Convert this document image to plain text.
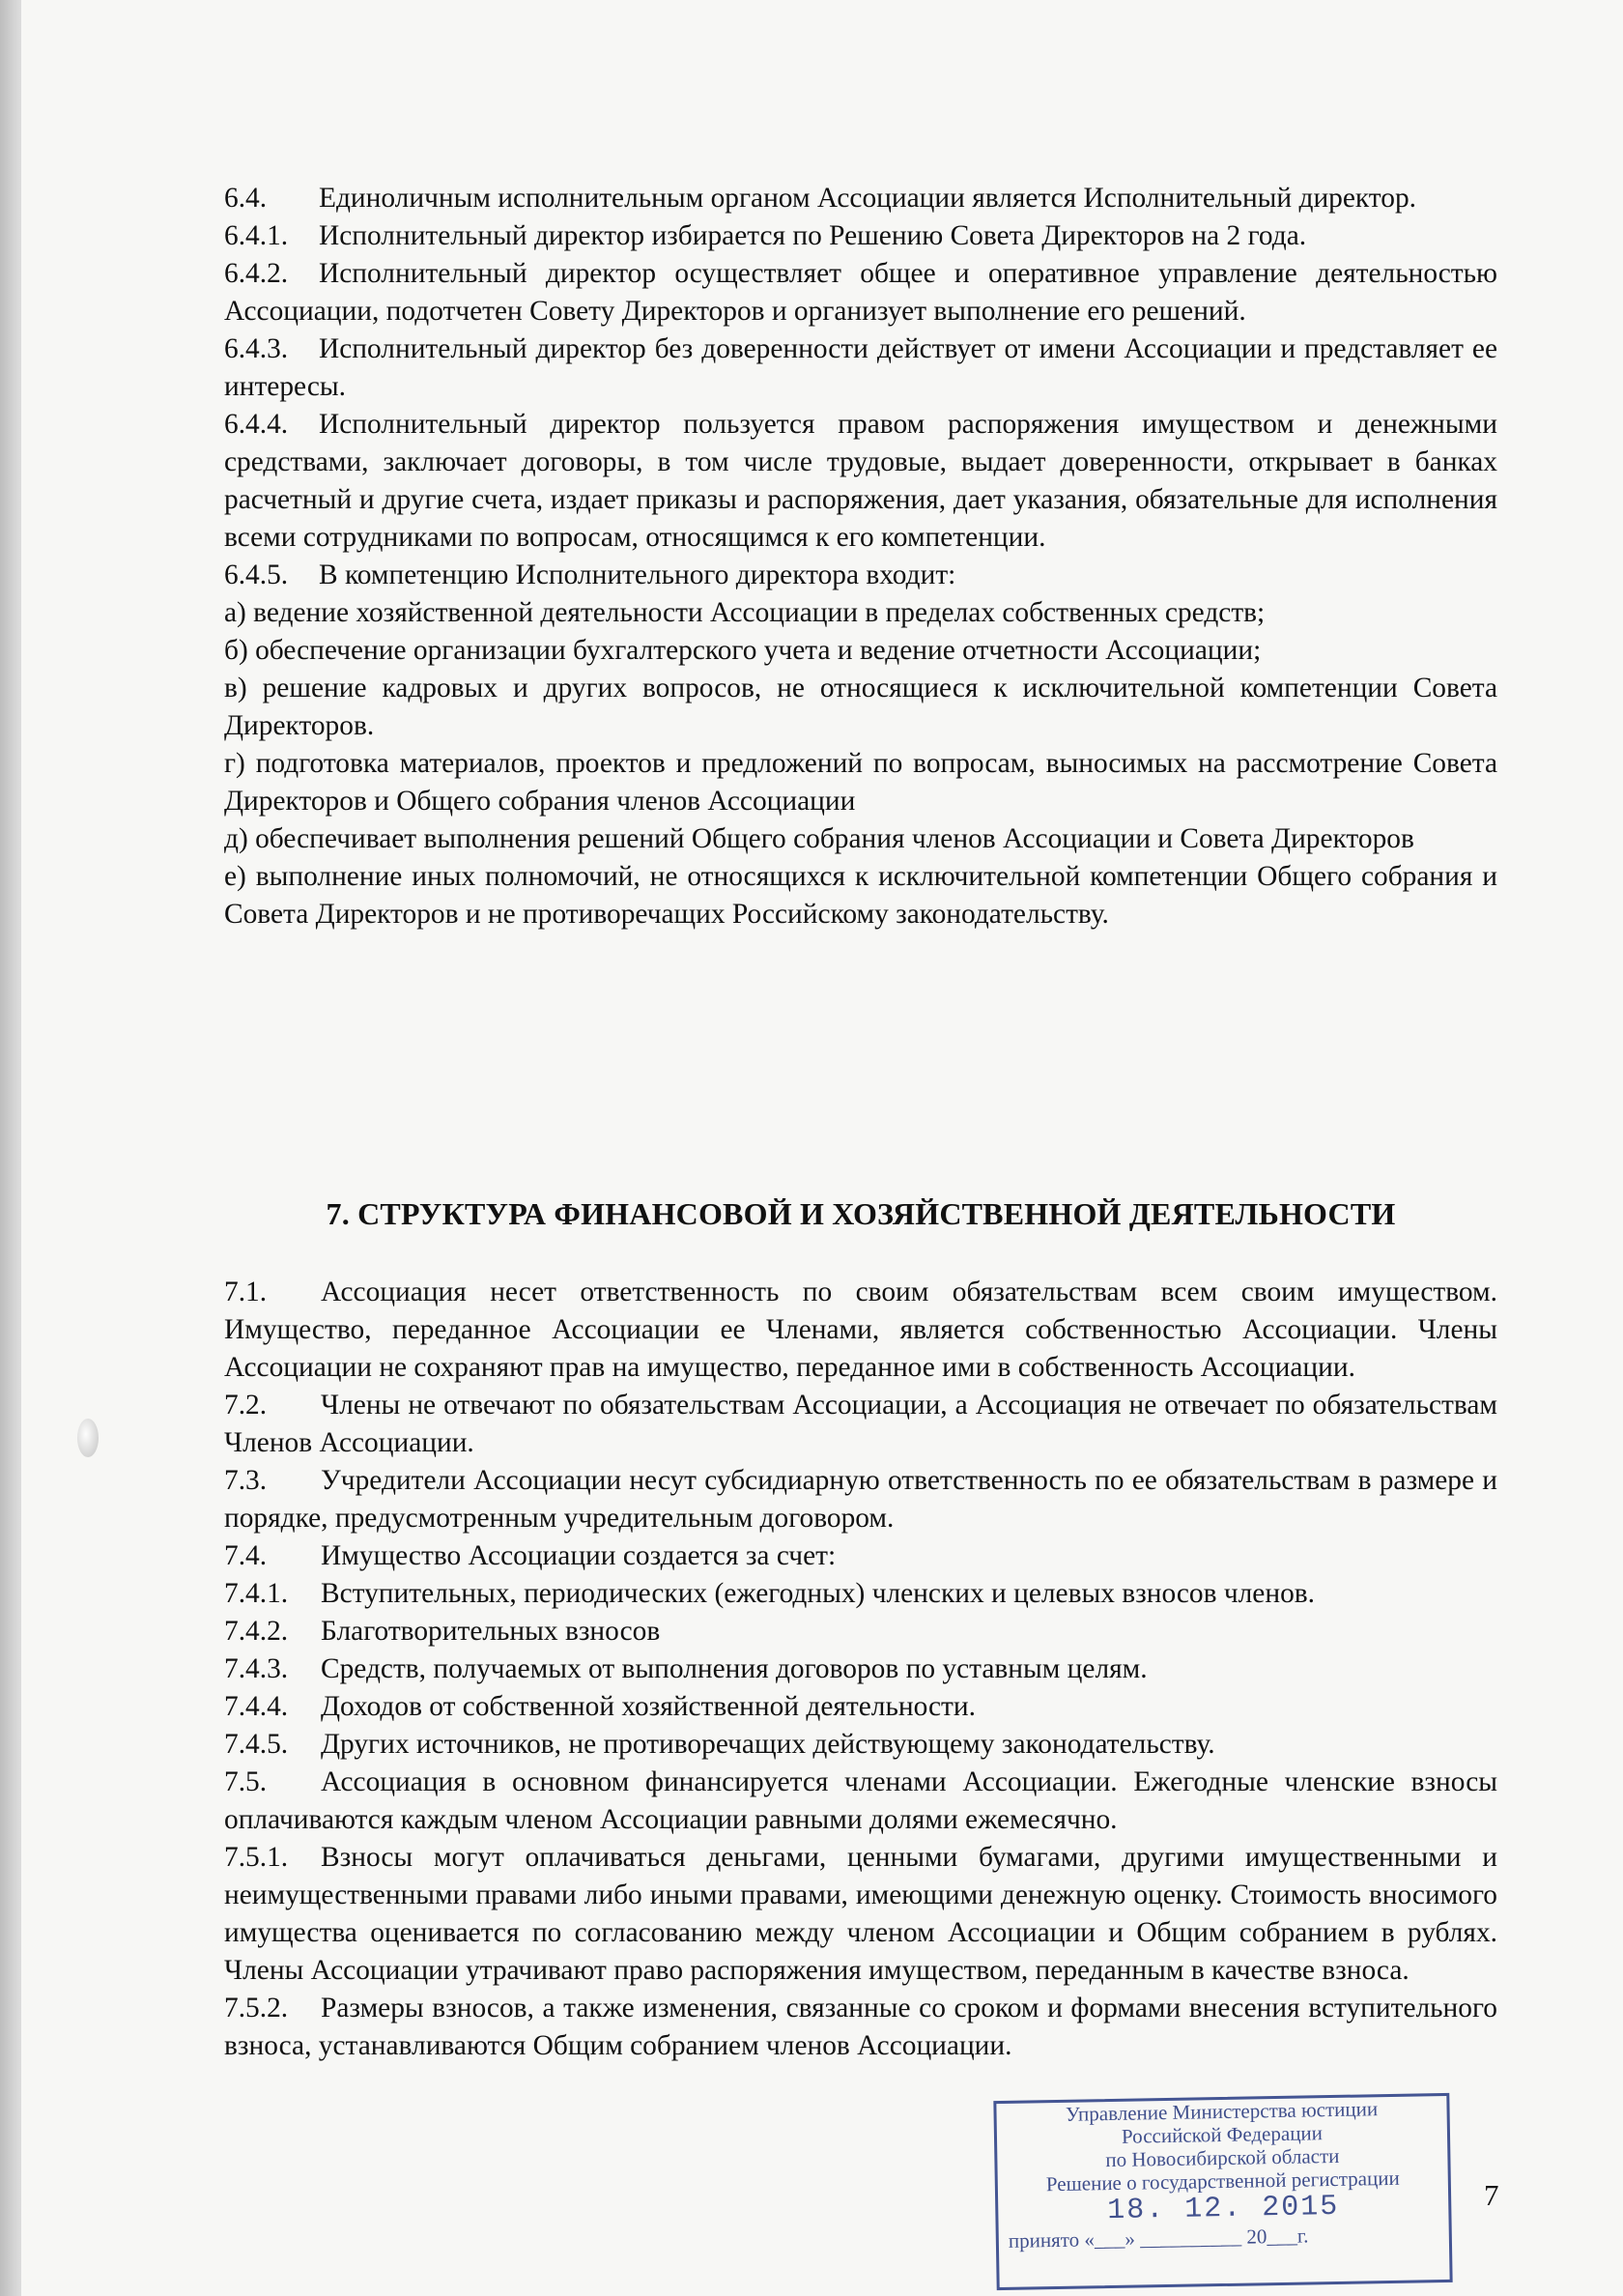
6.4. Единоличным исполнительным органом Ассоциации является Исполнительный директор.

6.4.1. Исполнительный директор избирается по Решению Совета Директоров на 2 года.

6.4.2. Исполнительный директор осуществляет общее и оперативное управление деятельностью Ассоциации, подотчетен Совету Директоров и организует выполнение его решений.

6.4.3. Исполнительный директор без доверенности действует от имени Ассоциации и представляет ее интересы.

6.4.4. Исполнительный директор пользуется правом распоряжения имуществом и денежными средствами, заключает договоры, в том числе трудовые, выдает доверенности, открывает в банках расчетный и другие счета, издает приказы и распоряжения, дает указания, обязательные для исполнения всеми сотрудниками по вопросам, относящимся к его компетенции.

6.4.5. В компетенцию Исполнительного директора входит:

а) ведение хозяйственной деятельности Ассоциации в пределах собственных средств;

б) обеспечение организации бухгалтерского учета и ведение отчетности Ассоциации;

в) решение кадровых и других вопросов, не относящиеся к исключительной компетенции Совета Директоров.

г) подготовка материалов, проектов и предложений по вопросам, выносимых на рассмотрение Совета Директоров и Общего собрания членов Ассоциации

д) обеспечивает выполнения решений Общего собрания членов Ассоциации и Совета Директоров

е) выполнение иных полномочий, не относящихся к исключительной компетенции Общего собрания и Совета Директоров и не противоречащих Российскому законодательству.

7. СТРУКТУРА ФИНАНСОВОЙ И ХОЗЯЙСТВЕННОЙ ДЕЯТЕЛЬНОСТИ

7.1. Ассоциация несет ответственность по своим обязательствам всем своим имуществом. Имущество, переданное Ассоциации ее Членами, является собственностью Ассоциации. Члены Ассоциации не сохраняют прав на имущество, переданное ими в собственность Ассоциации.

7.2. Члены не отвечают по обязательствам Ассоциации, а Ассоциация не отвечает по обязательствам Членов Ассоциации.

7.3. Учредители Ассоциации несут субсидиарную ответственность по ее обязательствам в размере и порядке, предусмотренным учредительным договором.

7.4. Имущество Ассоциации создается за счет:

7.4.1. Вступительных, периодических (ежегодных) членских и целевых взносов членов.

7.4.2. Благотворительных взносов

7.4.3. Средств, получаемых от выполнения договоров по уставным целям.

7.4.4. Доходов от собственной хозяйственной деятельности.

7.4.5. Других источников, не противоречащих действующему законодательству.

7.5. Ассоциация в основном финансируется членами Ассоциации. Ежегодные членские взносы оплачиваются каждым членом Ассоциации равными долями ежемесячно.

7.5.1. Взносы могут оплачиваться деньгами, ценными бумагами, другими имущественными и неимущественными правами либо иными правами, имеющими денежную оценку. Стоимость вносимого имущества оценивается по согласованию между членом Ассоциации и Общим собранием в рублях. Члены Ассоциации утрачивают право распоряжения имуществом, переданным в качестве взноса.

7.5.2. Размеры взносов, а также изменения, связанные со сроком и формами внесения вступительного взноса, устанавливаются Общим собранием членов Ассоциации.

7
Управление Министерства юстиции
Российской Федерации
по Новосибирской области
Решение о государственной регистрации
18. 12. 2015
принято «___» __________ 20___г.
